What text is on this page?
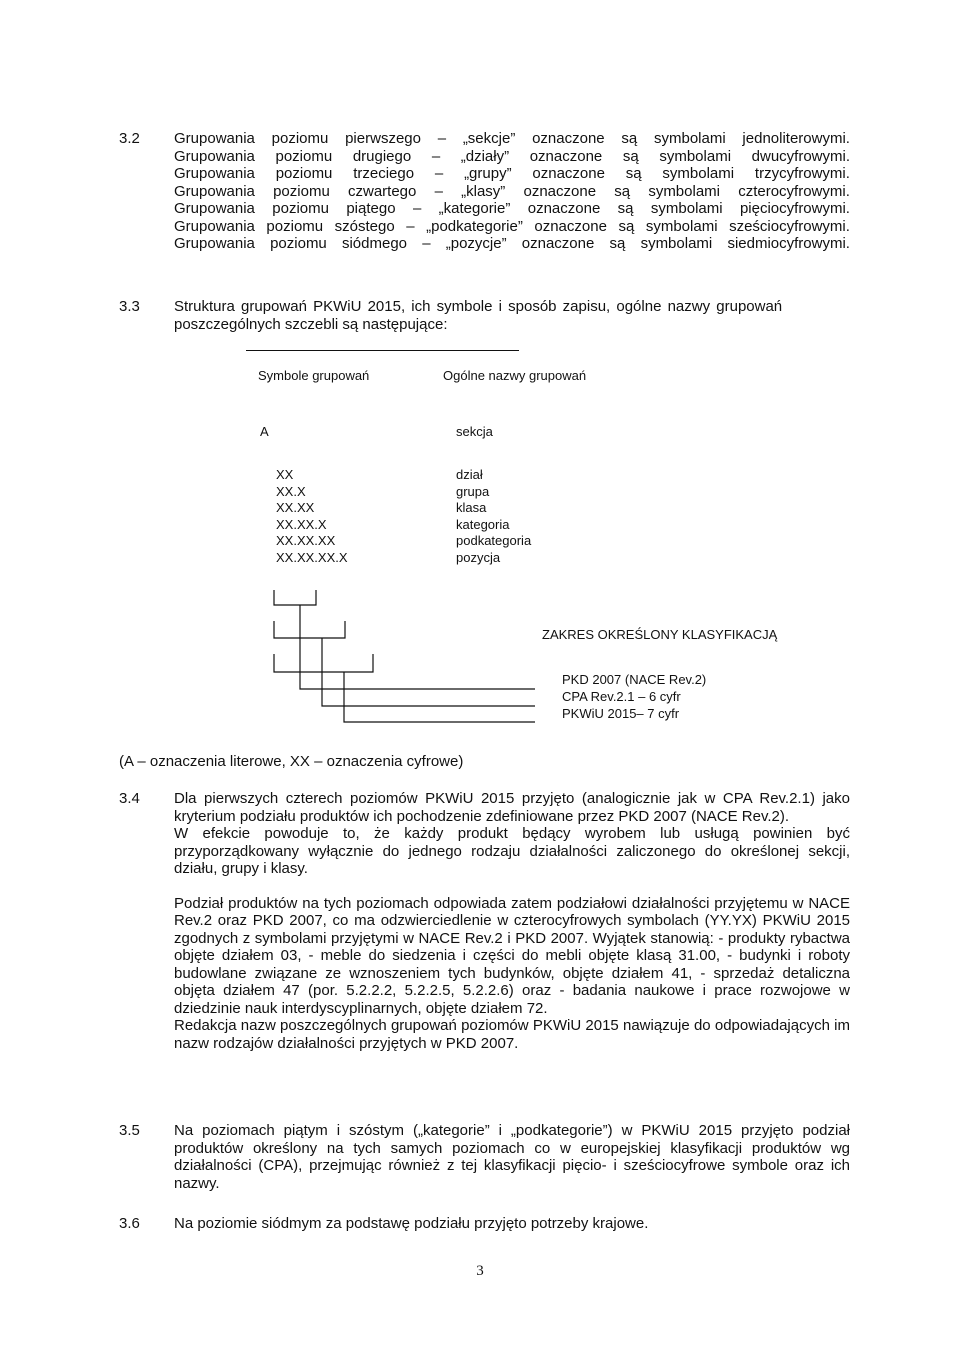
3.2 Grupowania poziomu pierwszego – „sekcje” oznaczone są symbolami jednoliterowymi.
Grupowania poziomu drugiego – „działy” oznaczone są symbolami dwucyfrowymi.
Grupowania poziomu trzeciego – „grupy” oznaczone są symbolami trzycyfrowymi.
Grupowania poziomu czwartego – „klasy” oznaczone są symbolami czterocyfrowymi.
Grupowania poziomu piątego – „kategorie” oznaczone są symbolami pięciocyfrowymi.
Grupowania poziomu szóstego – „podkategorie” oznaczone są symbolami sześciocyfrowymi.
Grupowania poziomu siódmego – „pozycje” oznaczone są symbolami siedmiocyfrowymi.
3.3 Struktura grupowań PKWiU 2015, ich symbole i sposób zapisu, ogólne nazwy grupowań
poszczególnych szczebli są następujące:
Symbole grupowań	Ogólne nazwy grupowań
A	sekcja
XX
XX.X
XX.XX
XX.XX.X
XX.XX.XX
XX.XX.XX.X
dział
grupa
klasa
kategoria
podkategoria
pozycja
ZAKRES OKREŚLONY KLASYFIKACJĄ
PKD 2007 (NACE Rev.2)
CPA Rev.2.1 – 6 cyfr
PKWiU 2015– 7 cyfr
(A – oznaczenia literowe, XX – oznaczenia cyfrowe)
3.4 Dla pierwszych czterech poziomów PKWiU 2015 przyjęto (analogicznie jak w CPA Rev.2.1) jako kryterium podziału produktów ich pochodzenie zdefiniowane przez PKD 2007 (NACE Rev.2).
W efekcie powoduje to, że każdy produkt będący wyrobem lub usługą powinien być przyporządkowany wyłącznie do jednego rodzaju działalności zaliczonego do określonej sekcji, działu, grupy i klasy.
Podział produktów na tych poziomach odpowiada zatem podziałowi działalności przyjętemu w NACE Rev.2 oraz PKD 2007, co ma odzwierciedlenie w czterocyfrowych symbolach (YY.YX) PKWiU 2015 zgodnych z symbolami przyjętymi w NACE Rev.2 i PKD 2007. Wyjątek stanowią: - produkty rybactwa objęte działem 03, - meble do siedzenia i części do mebli objęte klasą 31.00, - budynki i roboty budowlane związane ze wznoszeniem tych budynków, objęte działem 41, - sprzedaż detaliczna objęta działem 47 (por. 5.2.2.2, 5.2.2.5, 5.2.2.6) oraz - badania naukowe i prace rozwojowe w dziedzinie nauk interdyscyplinarnych, objęte działem 72.
Redakcja nazw poszczególnych grupowań poziomów PKWiU 2015 nawiązuje do odpowiadających im nazw rodzajów działalności przyjętych w PKD 2007.
3.5 Na poziomach piątym i szóstym („kategorie” i „podkategorie”) w PKWiU 2015 przyjęto podział produktów określony na tych samych poziomach co w europejskiej klasyfikacji produktów wg działalności (CPA), przejmując również z tej klasyfikacji pięcio- i sześciocyfrowe symbole oraz ich nazwy.
3.6 Na poziomie siódmym za podstawę podziału przyjęto potrzeby krajowe.
3
